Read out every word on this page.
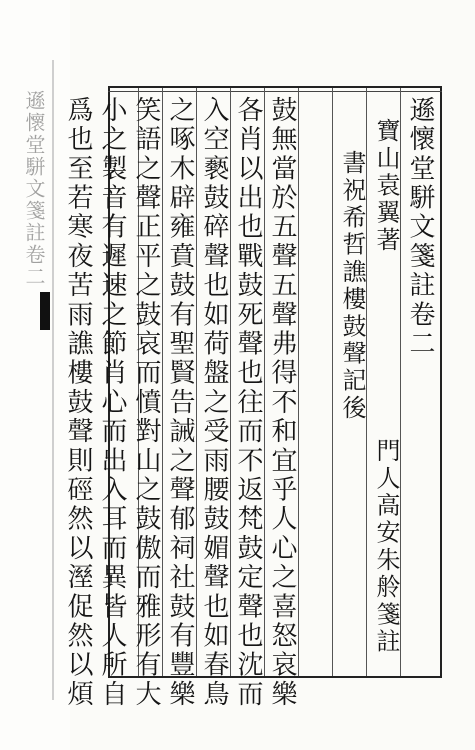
遜懷堂駢文箋註卷二	遜懷堂駢文箋註卷二
寶山袁翼著
門人高安朱舲箋註
書祝希哲譙樓鼓聲記後
鼓無當於五聲五聲弗得不和宜乎人心之喜怒哀樂
各肖以出也戰鼓死聲也往而不返梵鼓定聲也沈而
入空褻鼓碎聲也如荷盤之受雨腰鼓媚聲也如春鳥
之啄木辟雍賁鼓有聖賢告誡之聲郁祠社鼓有豐樂
笑語之聲正平之鼓哀而憤對山之鼓傲而雅形有大
小之製音有遲速之節肖心而出入耳而異皆人所自
爲也至若寒夜苦雨譙樓鼓聲則硜然以溼促然以煩
